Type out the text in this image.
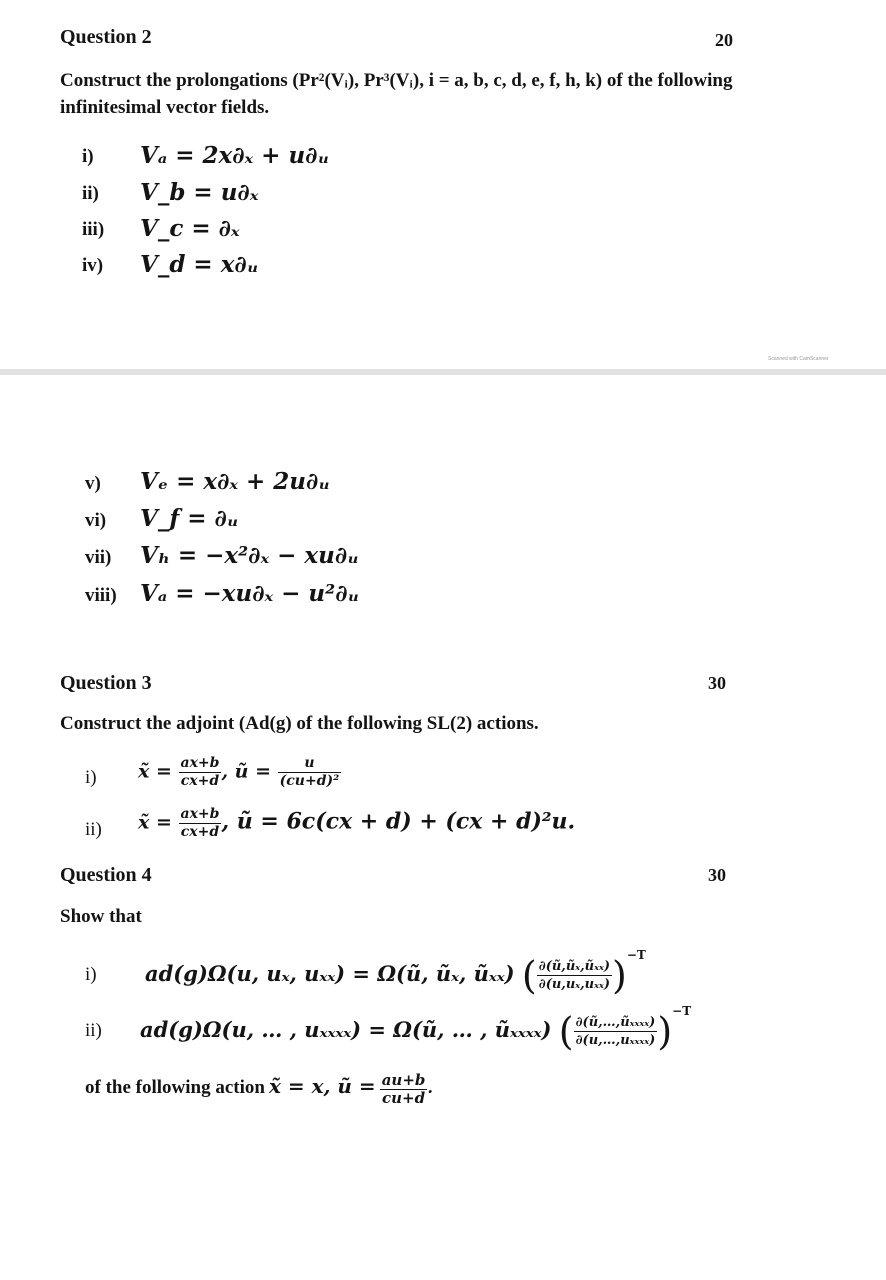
Question 2	20
Construct the prolongations (Pr²(Vᵢ), Pr³(Vᵢ), i = a, b, c, d, e, f, h, k) of the following
infinitesimal vector fields.
i) Vₐ = 2x∂ₓ + u∂ᵤ
ii) V_b = u∂ₓ
iii) V_c = ∂ₓ
iv) V_d = x∂ᵤ
Scanned with CamScanner
v) Vₑ = x∂ₓ + 2u∂ᵤ
vi) V_f = ∂ᵤ
vii) Vₕ = −x²∂ₓ − xu∂ᵤ
viii) Vₐ = −xu∂ₓ − u²∂ᵤ
Question 3	30
Construct the adjoint (Ad(g) of the following SL(2) actions.
i) x̃ = $\frac{ax+b}{cx+d}$ , ũ = $\frac{u}{\text{(cu+d)²}}$
ii) x̃ = $\frac{ax+b}{cx+d}$ , ũ = 6c(cx + d) + (cx + d)²u.
Question 4	30
Show that
i) ad(g)Ω(u, uₓ, uₓₓ) = Ω(ũ, ũₓ, ũₓₓ) ( $\frac{\text{∂(ũ,ũₓ,ũₓₓ)}}{\text{∂(u,uₓ,uₓₓ)}} )^{-T}$
ii) ad(g)Ω(u, … , uₓₓₓₓ) = Ω(ũ, … , ũₓₓₓₓ) ( $\frac{\text{∂(ũ,…,ũₓₓₓₓ)}}{\text{∂(u,…,uₓₓₓₓ)}} )^{-T}$
of the following action x̃ = x, ũ = $\frac{au+b}{cu+d}$ .
